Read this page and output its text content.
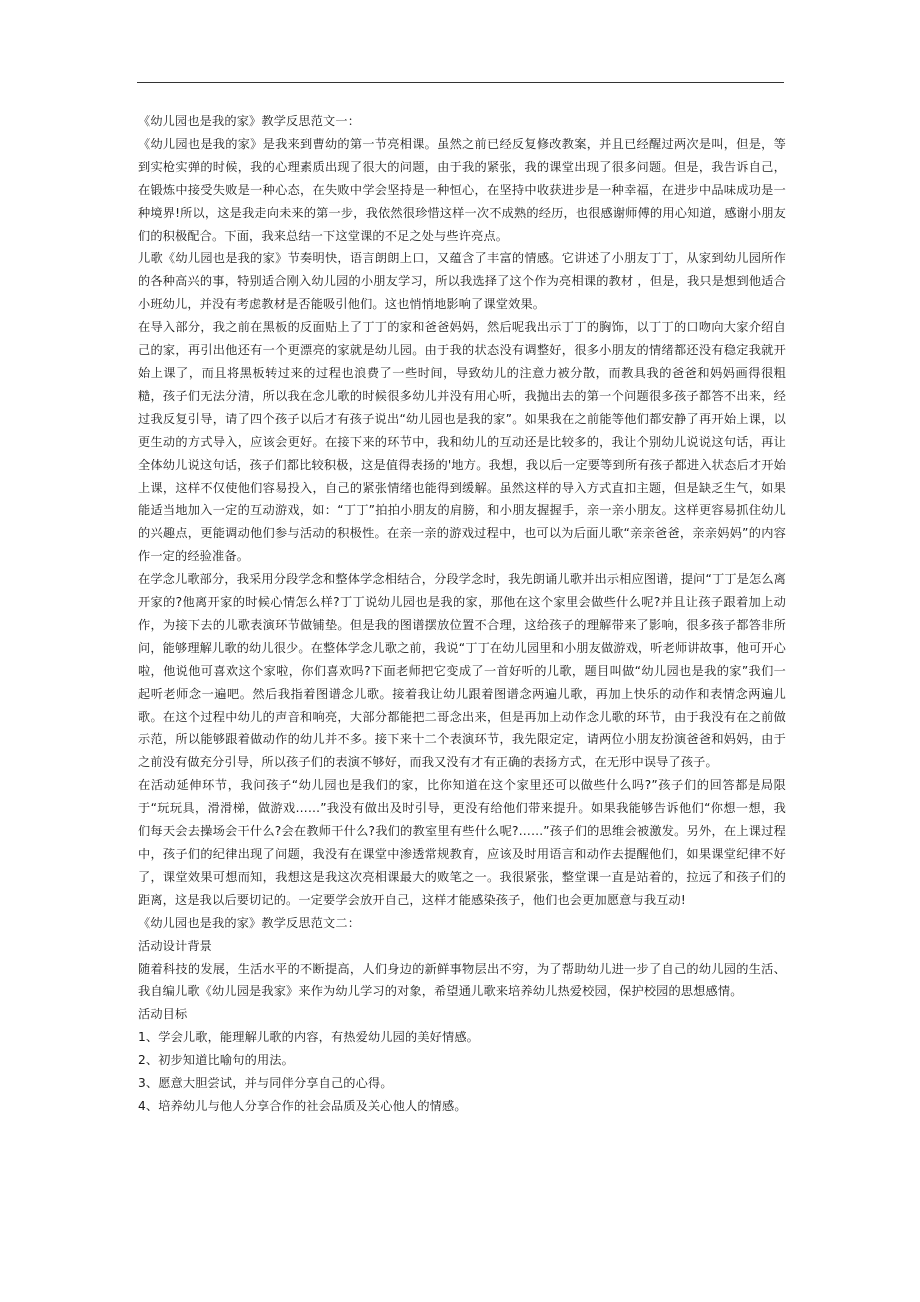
《幼儿园也是我的家》教学反思范文一：

《幼儿园也是我的家》是我来到曹幼的第一节亮相课。虽然之前已经反复修改教案，并且已经醒过两次是叫，但是，等到实枪实弹的时候，我的心理素质出现了很大的问题，由于我的紧张，我的课堂出现了很多问题。但是，我告诉自己，在锻炼中接受失败是一种心态，在失败中学会坚持是一种恒心，在坚持中收获进步是一种幸福，在进步中品味成功是一种境界!所以，这是我走向未来的第一步，我依然很珍惜这样一次不成熟的经历，也很感谢师傅的用心知道，感谢小朋友们的积极配合。下面，我来总结一下这堂课的不足之处与些许亮点。

儿歌《幼儿园也是我的家》节奏明快，语言朗朗上口，又蕴含了丰富的情感。它讲述了小朋友丁丁，从家到幼儿园所作的各种高兴的事，特别适合刚入幼儿园的小朋友学习，所以我选择了这个作为亮相课的教材 ，但是，我只是想到他适合小班幼儿，并没有考虑教材是否能吸引他们。这也悄悄地影响了课堂效果。

在导入部分，我之前在黑板的反面贴上了丁丁的家和爸爸妈妈，然后呢我出示丁丁的胸饰，以丁丁的口吻向大家介绍自己的家，再引出他还有一个更漂亮的家就是幼儿园。由于我的状态没有调整好，很多小朋友的情绪都还没有稳定我就开始上课了，而且将黑板转过来的过程也浪费了一些时间，导致幼儿的注意力被分散，而教具我的爸爸和妈妈画得很粗糙，孩子们无法分清，所以我在念儿歌的时候很多幼儿并没有用心听，我抛出去的第一个问题很多孩子都答不出来，经过我反复引导，请了四个孩子以后才有孩子说出“幼儿园也是我的家”。如果我在之前能等他们都安静了再开始上课，以更生动的方式导入，应该会更好。在接下来的环节中，我和幼儿的互动还是比较多的，我让个别幼儿说说这句话，再让全体幼儿说这句话，孩子们都比较积极，这是值得表扬的'地方。我想，我以后一定要等到所有孩子都进入状态后才开始上课，这样不仅使他们容易投入，自己的紧张情绪也能得到缓解。虽然这样的导入方式直扣主题，但是缺乏生气，如果能适当地加入一定的互动游戏，如：“丁丁”拍拍小朋友的肩膀，和小朋友握握手，亲一亲小朋友。这样更容易抓住幼儿的兴趣点，更能调动他们参与活动的积极性。在亲一亲的游戏过程中，也可以为后面儿歌“亲亲爸爸，亲亲妈妈”的内容作一定的经验准备。

在学念儿歌部分，我采用分段学念和整体学念相结合，分段学念时，我先朗诵儿歌并出示相应图谱，提问“丁丁是怎么离开家的?他离开家的时候心情怎么样?丁丁说幼儿园也是我的家，那他在这个家里会做些什么呢?并且让孩子跟着加上动作，为接下去的儿歌表演环节做铺垫。但是我的图谱摆放位置不合理，这给孩子的理解带来了影响，很多孩子都答非所问，能够理解儿歌的幼儿很少。在整体学念儿歌之前，我说“丁丁在幼儿园里和小朋友做游戏，听老师讲故事，他可开心啦，他说他可喜欢这个家啦，你们喜欢吗?下面老师把它变成了一首好听的儿歌，题目叫做“幼儿园也是我的家”我们一起听老师念一遍吧。然后我指着图谱念儿歌。接着我让幼儿跟着图谱念两遍儿歌，再加上快乐的动作和表情念两遍儿歌。在这个过程中幼儿的声音和响亮，大部分都能把二哥念出来，但是再加上动作念儿歌的环节，由于我没有在之前做示范，所以能够跟着做动作的幼儿并不多。接下来十二个表演环节，我先限定定，请两位小朋友扮演爸爸和妈妈，由于之前没有做充分引导，所以孩子们的表演不够好，而我又没有才有正确的表扬方式，在无形中误导了孩子。

在活动延伸环节，我问孩子“幼儿园也是我们的家，比你知道在这个家里还可以做些什么吗?”孩子们的回答都是局限于“玩玩具，滑滑梯，做游戏……”我没有做出及时引导，更没有给他们带来提升。如果我能够告诉他们“你想一想，我们每天会去操场会干什么?会在教师干什么?我们的教室里有些什么呢?……”孩子们的思维会被激发。另外，在上课过程中，孩子们的纪律出现了问题，我没有在课堂中渗透常规教育，应该及时用语言和动作去提醒他们，如果课堂纪律不好了，课堂效果可想而知，我想这是我这次亮相课最大的败笔之一。我很紧张，整堂课一直是站着的，拉远了和孩子们的距离，这是我以后要切记的。一定要学会放开自己，这样才能感染孩子，他们也会更加愿意与我互动!

《幼儿园也是我的家》教学反思范文二：

活动设计背景

随着科技的发展，生活水平的不断提高，人们身边的新鲜事物层出不穷，为了帮助幼儿进一步了自己的幼儿园的生活、我自编儿歌《幼儿园是我家》来作为幼儿学习的对象，希望通儿歌来培养幼儿热爱校园，保护校园的思想感情。

活动目标

1、学会儿歌，能理解儿歌的内容，有热爱幼儿园的美好情感。

2、初步知道比喻句的用法。

3、愿意大胆尝试，并与同伴分享自己的心得。

4、培养幼儿与他人分享合作的社会品质及关心他人的情感。
